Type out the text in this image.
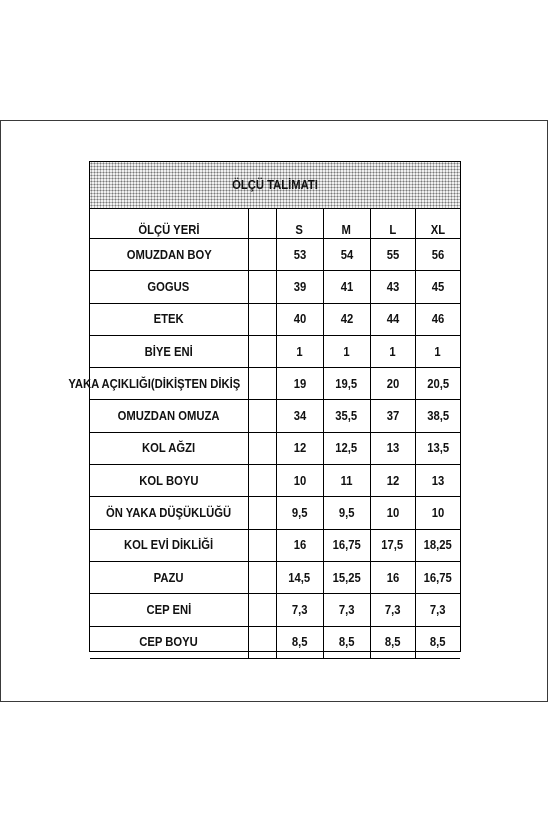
ÖLÇÜ TALİMATI
ÖLÇÜ YERİ		S	M	L	XL
OMUZDAN BOY		53	54	55	56
GOGUS		39	41	43	45
ETEK		40	42	44	46
BİYE ENİ		1	1	1	1
YAKA AÇIKLIĞI(DİKİŞTEN DİKİŞ		19	19,5	20	20,5
OMUZDAN OMUZA		34	35,5	37	38,5
KOL AĞZI		12	12,5	13	13,5
KOL BOYU		10	11	12	13
ÖN YAKA DÜŞÜKLÜĞÜ		9,5	9,5	10	10
KOL EVİ DİKLİĞİ		16	16,75	17,5	18,25
PAZU		14,5	15,25	16	16,75
CEP ENİ		7,3	7,3	7,3	7,3
CEP BOYU		8,5	8,5	8,5	8,5
